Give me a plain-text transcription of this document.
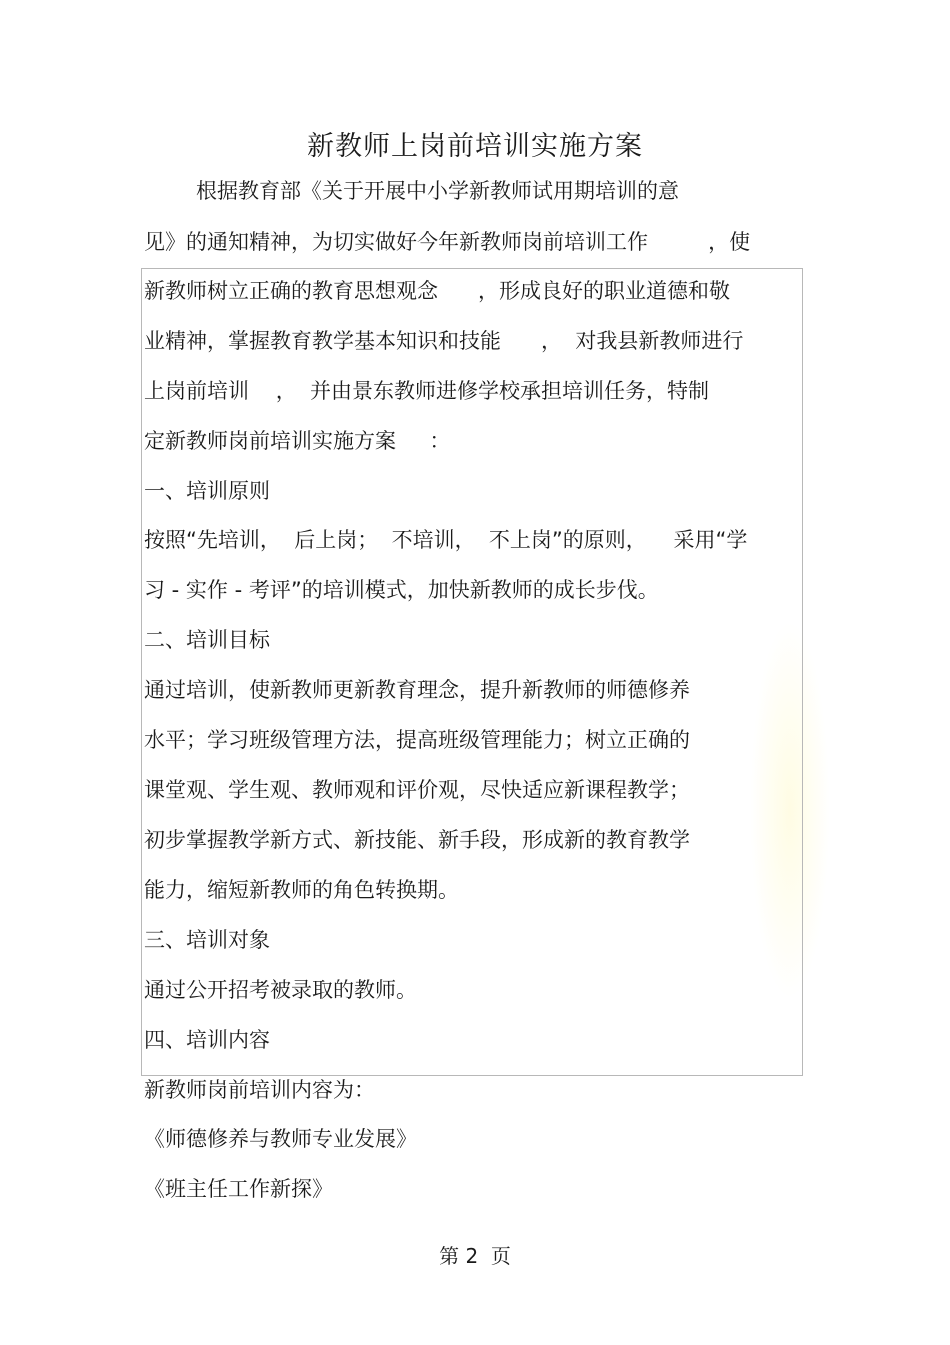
新教师上岗前培训实施方案
根据教育部《关于开展中小学新教师试用期培训的意
见》的通知精神，为切实做好今年新教师岗前培训工作         ，使
新教师树立正确的教育思想观念      ，形成良好的职业道德和敬
业精神，掌握教育教学基本知识和技能      ，  对我县新教师进行
上岗前培训    ，  并由景东教师进修学校承担培训任务，特制
定新教师岗前培训实施方案     ：
一、培训原则
按照“先培训，  后上岗；  不培训，  不上岗”的原则，    采用“学
习 - 实作 - 考评”的培训模式，加快新教师的成长步伐。
二、培训目标
通过培训，使新教师更新教育理念，提升新教师的师德修养
水平；学习班级管理方法，提高班级管理能力；树立正确的
课堂观、学生观、教师观和评价观，尽快适应新课程教学；
初步掌握教学新方式、新技能、新手段，形成新的教育教学
能力，缩短新教师的角色转换期。
三、培训对象
通过公开招考被录取的教师。
四、培训内容
新教师岗前培训内容为：
《师德修养与教师专业发展》
《班主任工作新探》
第 2  页
